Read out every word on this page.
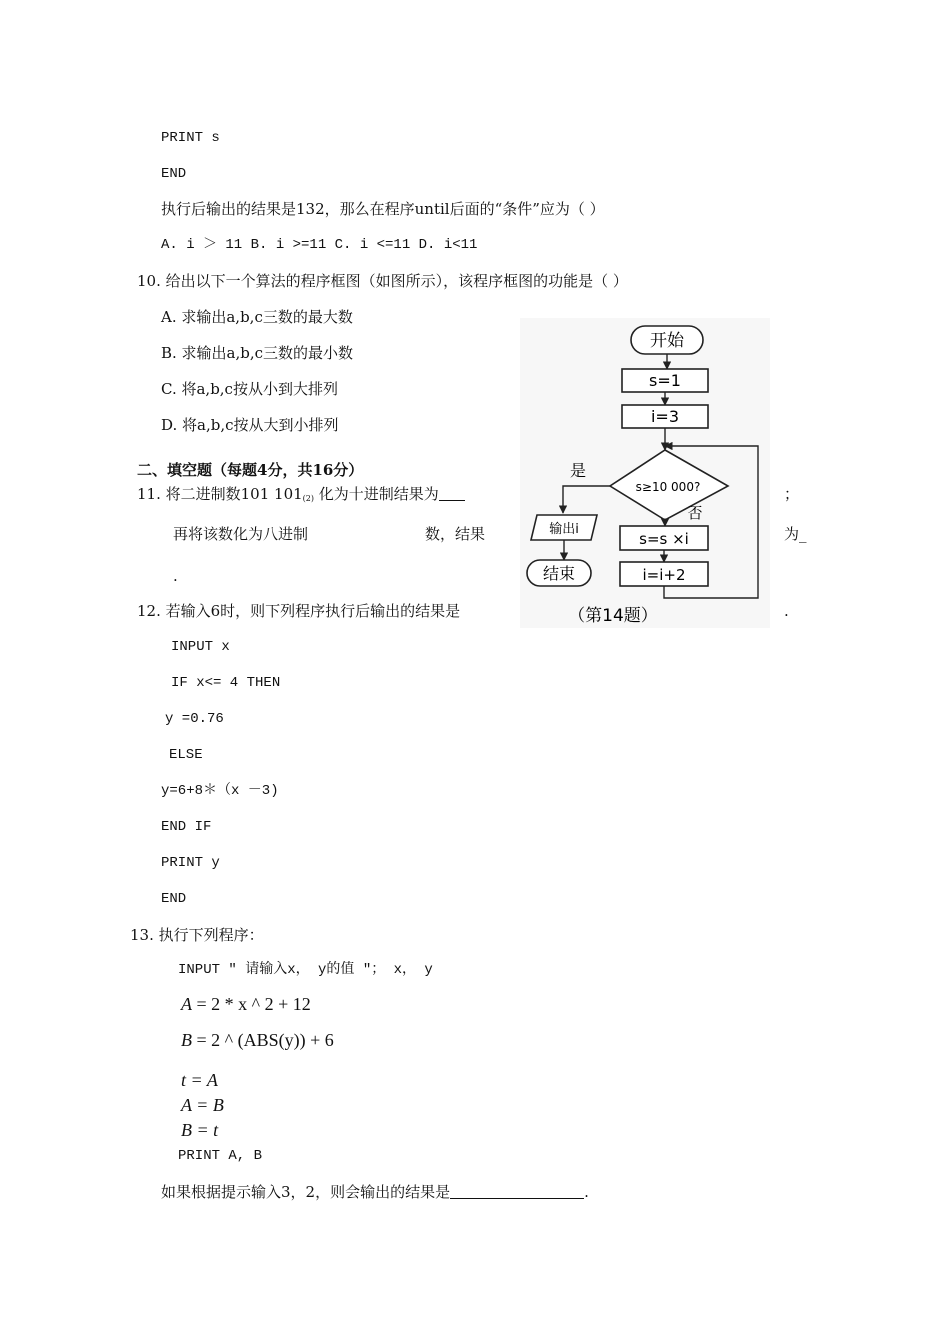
PRINT s
END
执行后输出的结果是132，那么在程序until后面的“条件”应为（ ）
A. i ＞ 11 B. i >=11 C. i <=11 D. i<11
10. 给出以下一个算法的程序框图（如图所示），该程序框图的功能是（ ）
A. 求输出a,b,c三数的最大数
B. 求输出a,b,c三数的最小数
C. 将a,b,c按从小到大排列
D. 将a,b,c按从大到小排列
二、填空题（每题4分，共16分）
11. 将二进制数101 101(2) 化为十进制结果为	；
再将该数化为八进制	数，结果	为_
.
12. 若输入6时，则下列程序执行后输出的结果是	.
INPUT x
IF x<= 4 THEN
y =0.76
ELSE
y=6+8＊（x －3)
END IF
PRINT y
END
13. 执行下列程序：
INPUT " 请输入x， y的值 "； x， y
A = 2 * x ^ 2 + 12
B = 2 ^ (ABS(y)) + 6
t = A
A = B
B = t
PRINT A, B
如果根据提示输入3，2，则会输出的结果是	.
开始
s=1
i=3
s≥10 000?
是
输出i
结束
否
s=s ×i
i=i+2
（第14题）
